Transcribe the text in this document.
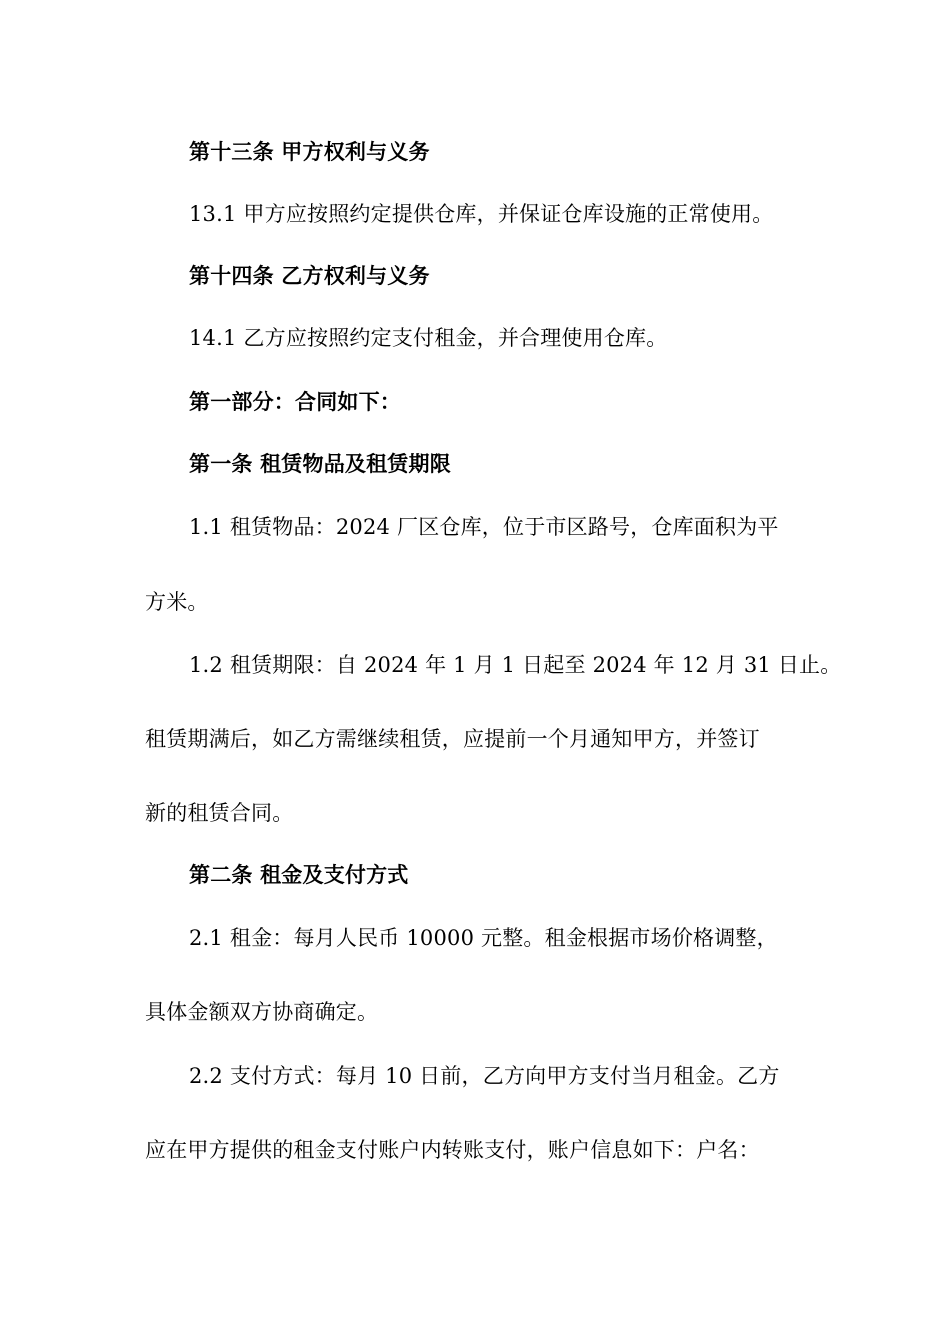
第十三条 甲方权利与义务
13.1 甲方应按照约定提供仓库，并保证仓库设施的正常使用。
第十四条 乙方权利与义务
14.1 乙方应按照约定支付租金，并合理使用仓库。
第一部分：合同如下：
第一条 租赁物品及租赁期限
1.1 租赁物品：2024 厂区仓库，位于市区路号，仓库面积为平
方米。
1.2 租赁期限：自 2024 年 1 月 1 日起至 2024 年 12 月 31 日止。
租赁期满后，如乙方需继续租赁，应提前一个月通知甲方，并签订
新的租赁合同。
第二条 租金及支付方式
2.1 租金：每月人民币 10000 元整。租金根据市场价格调整，
具体金额双方协商确定。
2.2 支付方式：每月 10 日前，乙方向甲方支付当月租金。乙方
应在甲方提供的租金支付账户内转账支付，账户信息如下：户名：
